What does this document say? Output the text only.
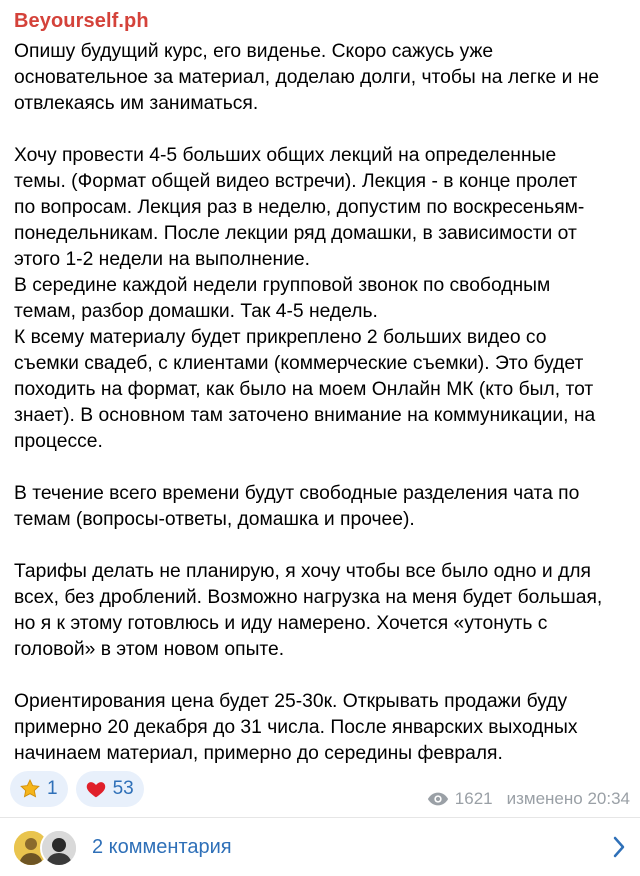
Beyourself.ph

Опишу будущий курс, его виденье. Скоро сажусь уже

основательное за материал, доделаю долги, чтобы на легке и не

отвлекаясь им заниматься.

Хочу провести 4-5 больших общих лекций на определенные

темы. (Формат общей видео встречи). Лекция - в конце пролет

по вопросам. Лекция раз в неделю, допустим по воскресеньям-

понедельникам. После лекции ряд домашки, в зависимости от

этого 1-2 недели на выполнение.

В середине каждой недели групповой звонок по свободным

темам, разбор домашки. Так 4-5 недель.

К всему материалу будет прикреплено 2 больших видео со

съемки свадеб, с клиентами (коммерческие съемки). Это будет

походить на формат, как было на моем Онлайн МК (кто был, тот

знает). В основном там заточено внимание на коммуникации, на

процессе.

В течение всего времени будут свободные разделения чата по

темам (вопросы-ответы, домашка и прочее).

Тарифы делать не планирую, я хочу чтобы все было одно и для

всех, без дроблений. Возможно нагрузка на меня будет большая,

но я к этому готовлюсь и иду намерено. Хочется «утонуть с

головой» в этом новом опыте.

Ориентирования цена будет 25-30к. Открывать продажи буду

примерно 20 декабря до 31 числа. После январских выходных

начинаем материал, примерно до середины февраля.

1	53	1621 изменено 20:34
2 комментария
